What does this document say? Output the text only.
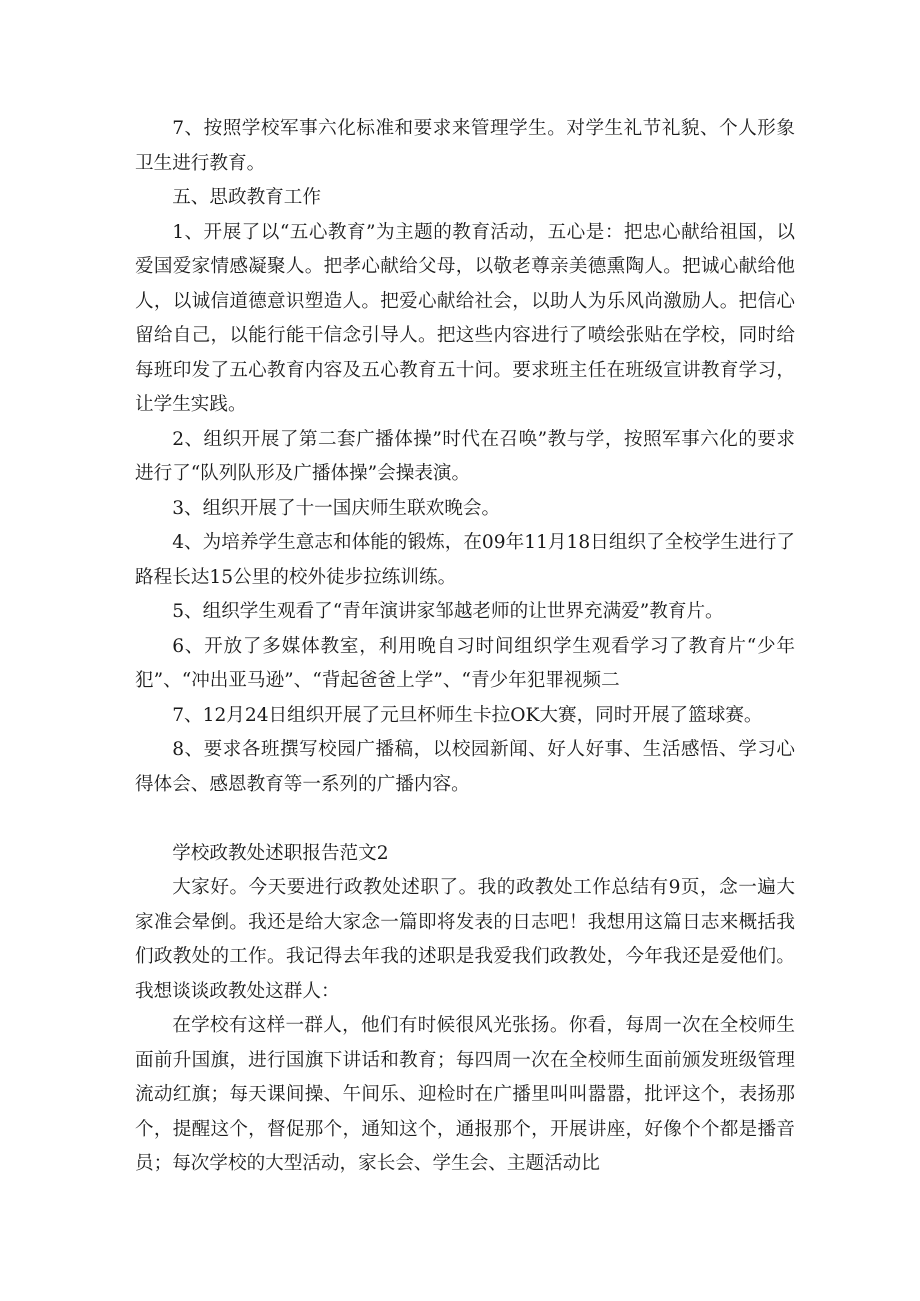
7、按照学校军事六化标准和要求来管理学生。对学生礼节礼貌、个人形象卫生进行教育。

五、思政教育工作

1、开展了以“五心教育”为主题的教育活动，五心是：把忠心献给祖国，以爱国爱家情感凝聚人。把孝心献给父母，以敬老尊亲美德熏陶人。把诚心献给他人，以诚信道德意识塑造人。把爱心献给社会，以助人为乐风尚激励人。把信心留给自己，以能行能干信念引导人。把这些内容进行了喷绘张贴在学校，同时给每班印发了五心教育内容及五心教育五十问。要求班主任在班级宣讲教育学习，让学生实践。

2、组织开展了第二套广播体操”时代在召唤”教与学，按照军事六化的要求进行了“队列队形及广播体操”会操表演。

3、组织开展了十一国庆师生联欢晚会。

4、为培养学生意志和体能的锻炼，在09年11月18日组织了全校学生进行了路程长达15公里的校外徒步拉练训练。

5、组织学生观看了“青年演讲家邹越老师的让世界充满爱”教育片。

6、开放了多媒体教室，利用晚自习时间组织学生观看学习了教育片“少年犯”、“冲出亚马逊”、“背起爸爸上学”、“青少年犯罪视频二

7、12月24日组织开展了元旦杯师生卡拉OK大赛，同时开展了篮球赛。

8、要求各班撰写校园广播稿，以校园新闻、好人好事、生活感悟、学习心得体会、感恩教育等一系列的广播内容。

学校政教处述职报告范文2

大家好。今天要进行政教处述职了。我的政教处工作总结有9页，念一遍大家准会晕倒。我还是给大家念一篇即将发表的日志吧！我想用这篇日志来概括我们政教处的工作。我记得去年我的述职是我爱我们政教处，今年我还是爱他们。我想谈谈政教处这群人：

在学校有这样一群人，他们有时候很风光张扬。你看，每周一次在全校师生面前升国旗，进行国旗下讲话和教育；每四周一次在全校师生面前颁发班级管理流动红旗；每天课间操、午间乐、迎检时在广播里叫叫嚣嚣，批评这个，表扬那个，提醒这个，督促那个，通知这个，通报那个，开展讲座，好像个个都是播音员；每次学校的大型活动，家长会、学生会、主题活动比
